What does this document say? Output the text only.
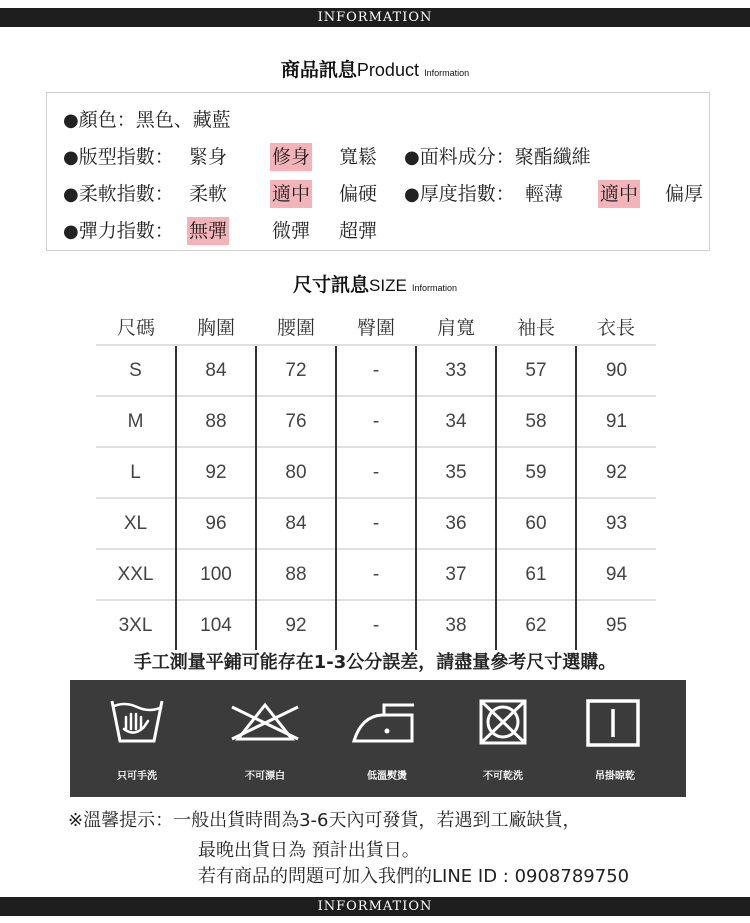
INFORMATION
商品訊息Product Information
●顏色：黑色、藏藍
●版型指數： 緊身 修身 寬鬆 ●面料成分：聚酯纖維
●柔軟指數： 柔軟 適中 偏硬 ●厚度指數： 輕薄 適中 偏厚
●彈力指數： 無彈 微彈 超彈
尺寸訊息SIZE Information
尺碼	胸圍	腰圍	臀圍	肩寬	袖長	衣長
S	84	72	-	33	57	90
M	88	76	-	34	58	91
L	92	80	-	35	59	92
XL	96	84	-	36	60	93
XXL	100	88	-	37	61	94
3XL	104	92	-	38	62	95
手工測量平鋪可能存在1-3公分誤差，請盡量參考尺寸選購。
只可手洗	不可漂白	低溫熨燙	不可乾洗	吊掛晾乾
※溫馨提示：一般出貨時間為3-6天內可發貨，若遇到工廠缺貨，
最晚出貨日為 預計出貨日。
若有商品的問題可加入我們的LINE ID : 0908789750
INFORMATION
